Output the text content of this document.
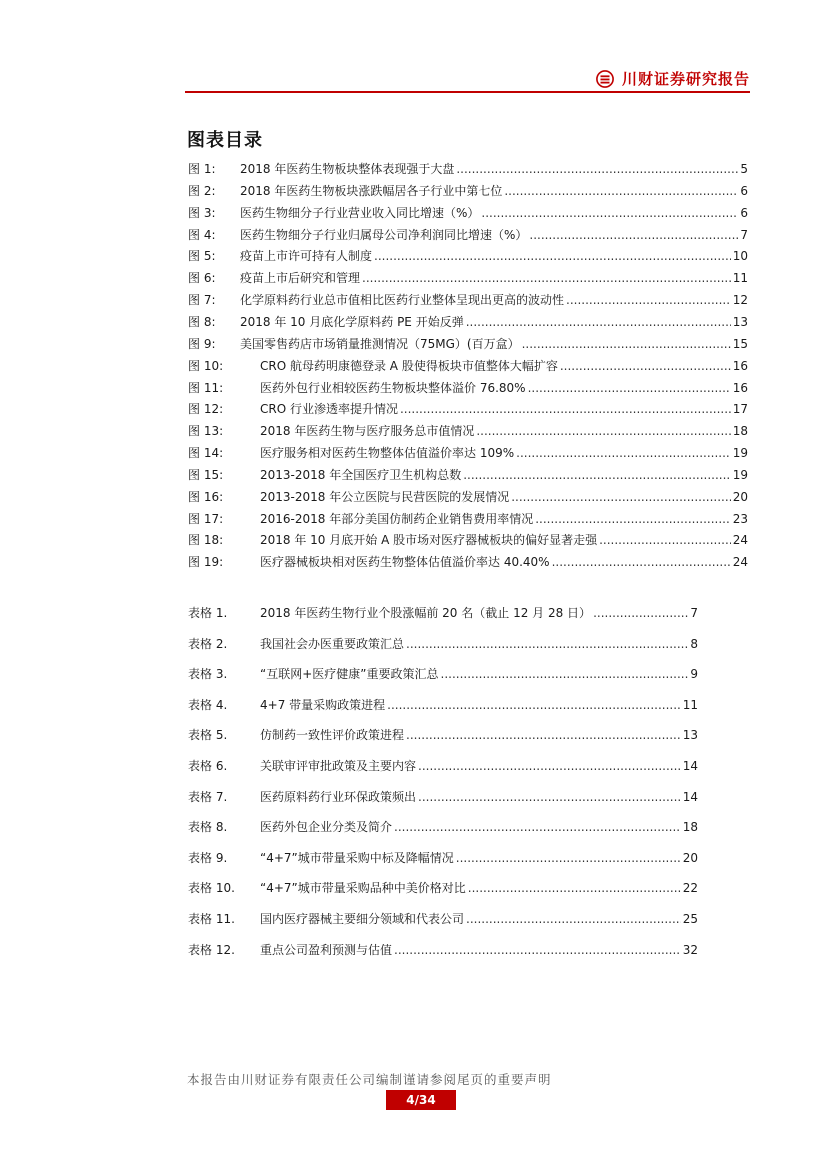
川财证券研究报告
图表目录
图 1:	2018 年医药生物板块整体表现强于大盘 .....	5
图 2:	2018 年医药生物板块涨跌幅居各子行业中第七位 .....	6
图 3:	医药生物细分子行业营业收入同比增速（%） .....	6
图 4:	医药生物细分子行业归属母公司净利润同比增速（%） .....	7
图 5:	疫苗上市许可持有人制度 .....	10
图 6:	疫苗上市后研究和管理 .....	11
图 7:	化学原料药行业总市值相比医药行业整体呈现出更高的波动性 .....	12
图 8:	2018 年 10 月底化学原料药 PE 开始反弹 .....	13
图 9:	美国零售药店市场销量推测情况（75MG）(百万盒） .....	15
图 10:	CRO 航母药明康德登录 A 股使得板块市值整体大幅扩容 .....	16
图 11:	医药外包行业相较医药生物板块整体溢价 76.80% .....	16
图 12:	CRO 行业渗透率提升情况 .....	17
图 13:	2018 年医药生物与医疗服务总市值情况 .....	18
图 14:	医疗服务相对医药生物整体估值溢价率达 109% .....	19
图 15:	2013-2018 年全国医疗卫生机构总数 .....	19
图 16:	2013-2018 年公立医院与民营医院的发展情况 .....	20
图 17:	2016-2018 年部分美国仿制药企业销售费用率情况 .....	23
图 18:	2018 年 10 月底开始 A 股市场对医疗器械板块的偏好显著走强 .....	24
图 19:	医疗器械板块相对医药生物整体估值溢价率达 40.40% .....	24
表格 1.	2018 年医药生物行业个股涨幅前 20 名（截止 12 月 28 日） .....	7
表格 2.	我国社会办医重要政策汇总 .....	8
表格 3.	“互联网+医疗健康”重要政策汇总 .....	9
表格 4.	4+7 带量采购政策进程 .....	11
表格 5.	仿制药一致性评价政策进程 .....	13
表格 6.	关联审评审批政策及主要内容 .....	14
表格 7.	医药原料药行业环保政策频出 .....	14
表格 8.	医药外包企业分类及简介 .....	18
表格 9.	“4+7”城市带量采购中标及降幅情况 .....	20
表格 10.	“4+7”城市带量采购品种中美价格对比 .....	22
表格 11.	国内医疗器械主要细分领域和代表公司 .....	25
表格 12.	重点公司盈利预测与估值 .....	32
本报告由川财证券有限责任公司编制谨请参阅尾页的重要声明
4/34
